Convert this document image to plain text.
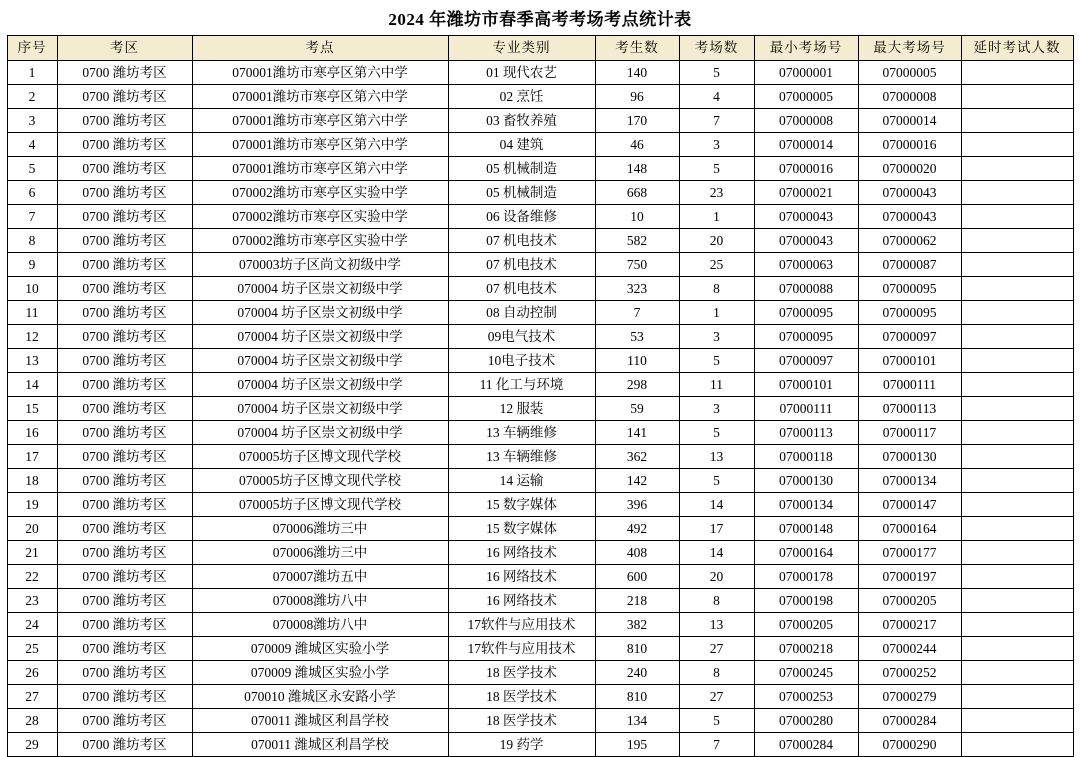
2024 年潍坊市春季高考考场考点统计表
序号	考区	考点	专业类别	考生数	考场数	最小考场号	最大考场号	延时考试人数
1	0700 潍坊考区	070001潍坊市寒亭区第六中学	01 现代农艺	140	5	07000001	07000005	
2	0700 潍坊考区	070001潍坊市寒亭区第六中学	02 烹饪	96	4	07000005	07000008	
3	0700 潍坊考区	070001潍坊市寒亭区第六中学	03 畜牧养殖	170	7	07000008	07000014	
4	0700 潍坊考区	070001潍坊市寒亭区第六中学	04 建筑	46	3	07000014	07000016	
5	0700 潍坊考区	070001潍坊市寒亭区第六中学	05 机械制造	148	5	07000016	07000020	
6	0700 潍坊考区	070002潍坊市寒亭区实验中学	05 机械制造	668	23	07000021	07000043	
7	0700 潍坊考区	070002潍坊市寒亭区实验中学	06 设备维修	10	1	07000043	07000043	
8	0700 潍坊考区	070002潍坊市寒亭区实验中学	07 机电技术	582	20	07000043	07000062	
9	0700 潍坊考区	070003坊子区尚文初级中学	07 机电技术	750	25	07000063	07000087	
10	0700 潍坊考区	070004 坊子区崇文初级中学	07 机电技术	323	8	07000088	07000095	
11	0700 潍坊考区	070004 坊子区崇文初级中学	08 自动控制	7	1	07000095	07000095	
12	0700 潍坊考区	070004 坊子区崇文初级中学	09电气技术	53	3	07000095	07000097	
13	0700 潍坊考区	070004 坊子区崇文初级中学	10电子技术	110	5	07000097	07000101	
14	0700 潍坊考区	070004 坊子区崇文初级中学	11 化工与环境	298	11	07000101	07000111	
15	0700 潍坊考区	070004 坊子区崇文初级中学	12 服装	59	3	07000111	07000113	
16	0700 潍坊考区	070004 坊子区崇文初级中学	13 车辆维修	141	5	07000113	07000117	
17	0700 潍坊考区	070005坊子区博文现代学校	13 车辆维修	362	13	07000118	07000130	
18	0700 潍坊考区	070005坊子区博文现代学校	14 运输	142	5	07000130	07000134	
19	0700 潍坊考区	070005坊子区博文现代学校	15 数字媒体	396	14	07000134	07000147	
20	0700 潍坊考区	070006潍坊三中	15 数字媒体	492	17	07000148	07000164	
21	0700 潍坊考区	070006潍坊三中	16 网络技术	408	14	07000164	07000177	
22	0700 潍坊考区	070007潍坊五中	16 网络技术	600	20	07000178	07000197	
23	0700 潍坊考区	070008潍坊八中	16 网络技术	218	8	07000198	07000205	
24	0700 潍坊考区	070008潍坊八中	17软件与应用技术	382	13	07000205	07000217	
25	0700 潍坊考区	070009 潍城区实验小学	17软件与应用技术	810	27	07000218	07000244	
26	0700 潍坊考区	070009 潍城区实验小学	18 医学技术	240	8	07000245	07000252	
27	0700 潍坊考区	070010 潍城区永安路小学	18 医学技术	810	27	07000253	07000279	
28	0700 潍坊考区	070011 潍城区利昌学校	18 医学技术	134	5	07000280	07000284	
29	0700 潍坊考区	070011 潍城区利昌学校	19 药学	195	7	07000284	07000290	
